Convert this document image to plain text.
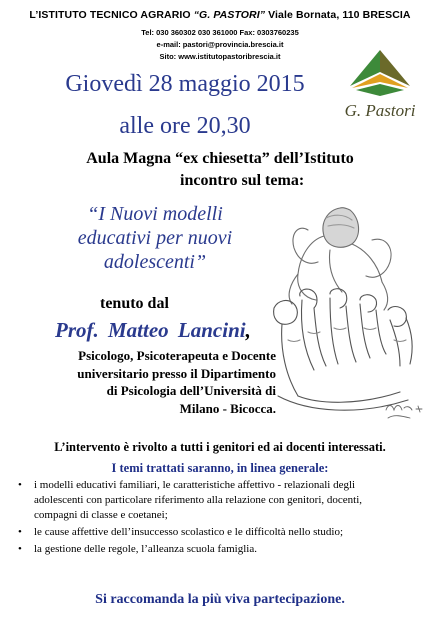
L’ISTITUTO TECNICO AGRARIO “G. PASTORI” Viale Bornata, 110 BRESCIA
Tel: 030 360302 030 361000 Fax: 0303760235
e-mail: pastori@provincia.brescia.it
Sito: www.istitutopastoribrescia.it
G. Pastori
Giovedì 28 maggio 2015
alle ore 20,30
Aula Magna “ex chiesetta” dell’Istituto
incontro sul tema:
“I Nuovi modelli
educativi per nuovi
adolescenti”
tenuto dal
Prof. Matteo Lancini,
Psicologo, Psicoterapeuta e Docente
universitario presso il Dipartimento
di Psicologia dell’Università di
Milano - Bicocca.
L’intervento è rivolto a tutti i genitori ed ai docenti interessati.
I temi trattati saranno, in linea generale:
• i modelli educativi familiari, le caratteristiche affettivo - relazionali degli adolescenti con particolare riferimento alla relazione con genitori, docenti, compagni di classe e coetanei;
• le cause affettive dell’insuccesso scolastico e le difficoltà nello studio;
• la gestione delle regole, l’alleanza scuola famiglia.
Si raccomanda la più viva partecipazione.
